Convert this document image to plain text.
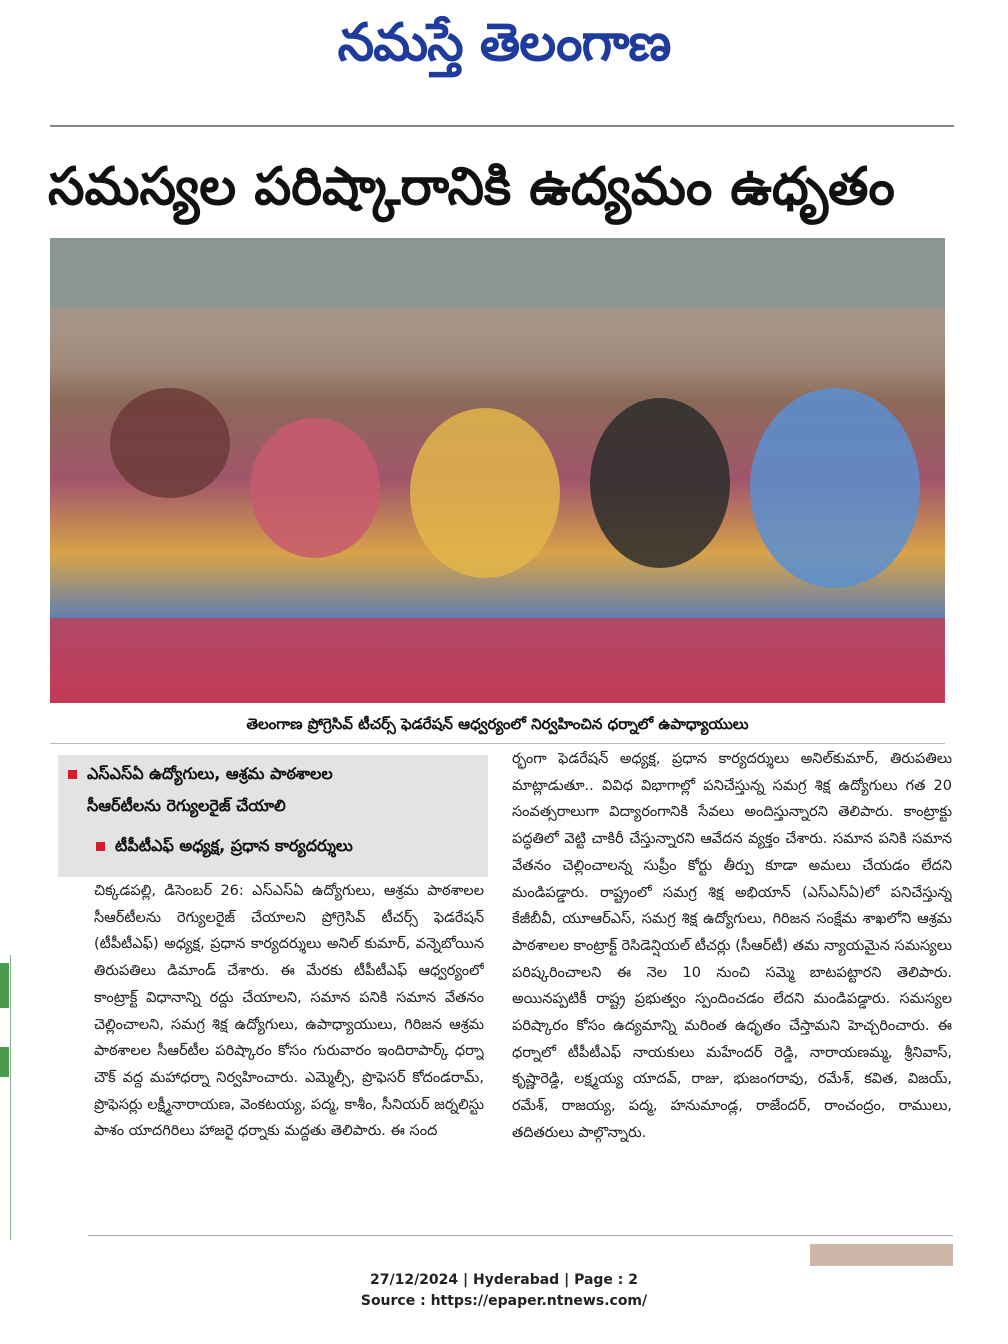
నమస్తే తెలంగాణ
సమస్యల పరిష్కారానికి ఉద్యమం ఉధృతం
తెలంగాణ ప్రోగ్రెసివ్ టీచర్స్ ఫెడరేషన్ ఆధ్వర్యంలో నిర్వహించిన ధర్నాలో ఉపాధ్యాయులు
ఎస్‌ఎస్‌ఏ ఉద్యోగులు, ఆశ్రమ పాఠశాలల
సీఆర్‌టీలను రెగ్యులరైజ్ చేయాలి
టీపీటీఎఫ్ అధ్యక్ష, ప్రధాన కార్యదర్శులు

చిక్కడపల్లి, డిసెంబర్ 26: ఎస్‌ఎస్‌ఏ ఉద్యోగులు, ఆశ్రమ పాఠశాలల సీఆర్‌టీలను రెగ్యులరైజ్ చేయాలని ప్రోగ్రెసివ్ టీచర్స్ ఫెడరేషన్ (టీపీటీఎఫ్) అధ్యక్ష, ప్రధాన కార్యదర్శులు అనిల్ కుమార్, వన్నెబోయిన తిరుపతిలు డిమాండ్ చేశారు. ఈ మేరకు టీపీటీఎఫ్ ఆధ్వర్యంలో కాంట్రాక్ట్ విధానాన్ని రద్దు చేయాలని, సమాన పనికి సమాన వేతనం చెల్లించాలని, సమగ్ర శిక్ష ఉద్యోగులు, ఉపాధ్యాయులు, గిరిజన ఆశ్రమ పాఠశాలల సీఆర్‌టీల పరిష్కారం కోసం గురువారం ఇందిరాపార్క్ ధర్నా చౌక్ వద్ద మహాధర్నా నిర్వహించారు. ఎమ్మెల్సీ, ప్రొఫెసర్ కోదండరామ్, ప్రొఫెసర్లు లక్ష్మీనారాయణ, వెంకటయ్య, పద్మ, కాశీం, సీనియర్ జర్నలిస్టు పాశం యాదగిరిలు హాజరై ధర్నాకు మద్దతు తెలిపారు. ఈ సంద

ర్భంగా ఫెడరేషన్ అధ్యక్ష, ప్రధాన కార్యదర్శులు అనిల్‌కుమార్, తిరుపతిలు మాట్లాడుతూ.. వివిధ విభాగాల్లో పనిచేస్తున్న సమగ్ర శిక్ష ఉద్యోగులు గత 20 సంవత్సరాలుగా విద్యారంగానికి సేవలు అందిస్తున్నారని తెలిపారు. కాంట్రాక్టు పద్ధతిలో వెట్టి చాకిరీ చేస్తున్నారని ఆవేదన వ్యక్తం చేశారు. సమాన పనికి సమాన వేతనం చెల్లించాలన్న సుప్రీం కోర్టు తీర్పు కూడా అమలు చేయడం లేదని మండిపడ్డారు. రాష్ట్రంలో సమగ్ర శిక్ష అభియాన్ (ఎస్‌ఎస్‌ఏ)లో పనిచేస్తున్న కేజీబీవీ, యూఆర్ఎస్, సమగ్ర శిక్ష ఉద్యోగులు, గిరిజన సంక్షేమ శాఖలోని ఆశ్రమ పాఠశాలల కాంట్రాక్ట్ రెసిడెన్షియల్ టీచర్లు (సీఆర్‌టీ) తమ న్యాయమైన సమస్యలు పరిష్కరించాలని ఈ నెల 10 నుంచి సమ్మె బాటపట్టారని తెలిపారు. అయినప్పటికీ రాష్ట్ర ప్రభుత్వం స్పందించడం లేదని మండిపడ్డారు. సమస్యల పరిష్కారం కోసం ఉద్యమాన్ని మరింత ఉధృతం చేస్తామని హెచ్చరించారు. ఈ ధర్నాలో టీపీటీఎఫ్ నాయకులు మహేందర్ రెడ్డి, నారాయణమ్మ, శ్రీనివాస్, కృష్ణారెడ్డి, లక్ష్మయ్య యాదవ్, రాజు, భుజంగరావు, రమేశ్, కవిత, విజయ్, రమేశ్, రాజయ్య, పద్మ, హనుమాండ్ల, రాజేందర్, రాంచంద్రం, రాములు, తదితరులు పాల్గొన్నారు.

27/12/2024 | Hyderabad | Page : 2
Source : https://epaper.ntnews.com/
